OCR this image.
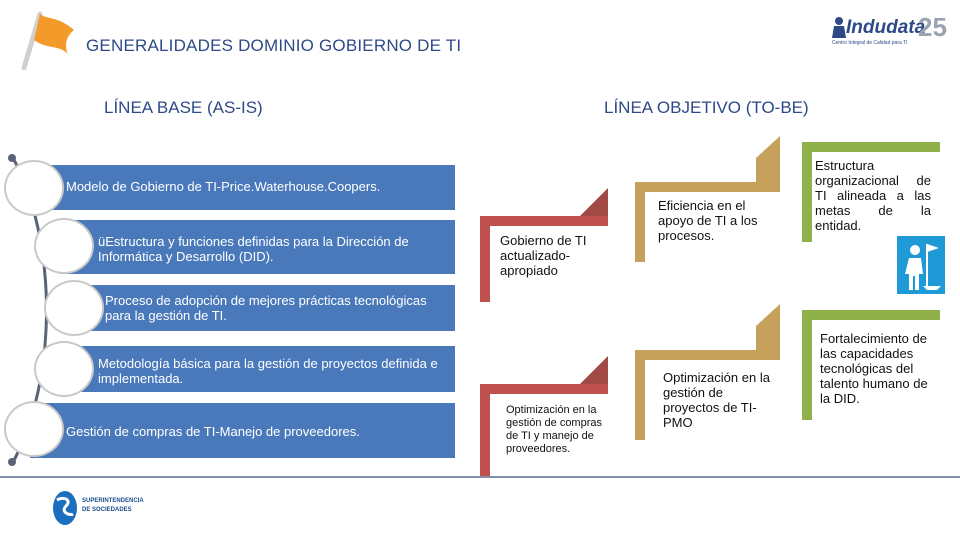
GENERALIDADES DOMINIO GOBIERNO DE TI
Indudata
25
Centro Integral de Calidad para TI
LÍNEA BASE (AS-IS)	LÍNEA OBJETIVO (TO-BE)
Modelo de Gobierno de TI-Price.Waterhouse.Coopers.
üEstructura y funciones definidas para la Dirección de Informática y Desarrollo (DID).
Proceso de adopción de mejores prácticas tecnológicas para la gestión de TI.
Metodología básica para la gestión de proyectos definida e implementada.
Gestión de compras de TI-Manejo de proveedores.
Gobierno de TI actualizado-apropiado
Eficiencia en el apoyo de TI a los procesos.
Estructura organizacional de TI alineada a las metas de la entidad.
Optimización en la gestión de compras de TI y manejo de proveedores.
Optimización en la gestión de proyectos de TI-PMO
Fortalecimiento de las capacidades tecnológicas del talento humano de la DID.
SUPERINTENDENCIA
DE SOCIEDADES
